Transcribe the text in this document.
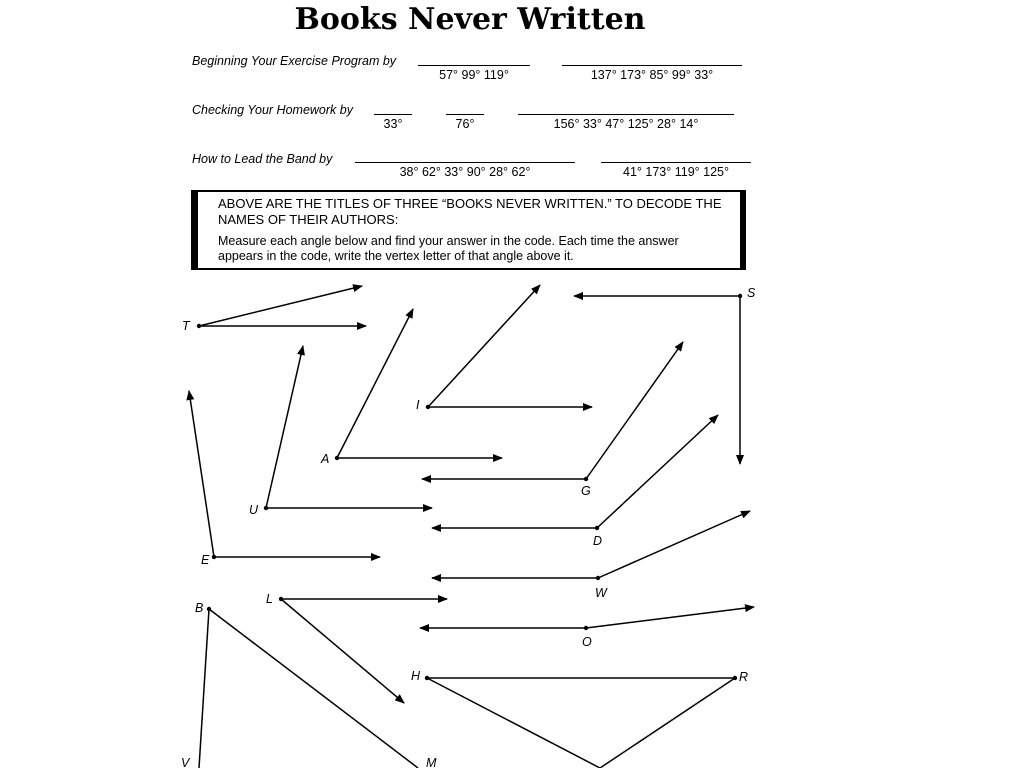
Books Never Written
Beginning Your Exercise Program by
57° 99° 119°	137° 173° 85° 99° 33°
Checking Your Homework by
33°	76°	156° 33° 47° 125° 28° 14°
How to Lead the Band by
38° 62° 33° 90° 28° 62°	41° 173° 119° 125°
ABOVE ARE THE TITLES OF THREE “BOOKS NEVER WRITTEN.” TO DECODE THE NAMES OF THEIR AUTHORS:
Measure each angle below and find your answer in the code. Each time the answer appears in the code, write the vertex letter of that angle above it.
T
S
I
A
G
U
D
E
W
B
L
O
H	R
V	M
